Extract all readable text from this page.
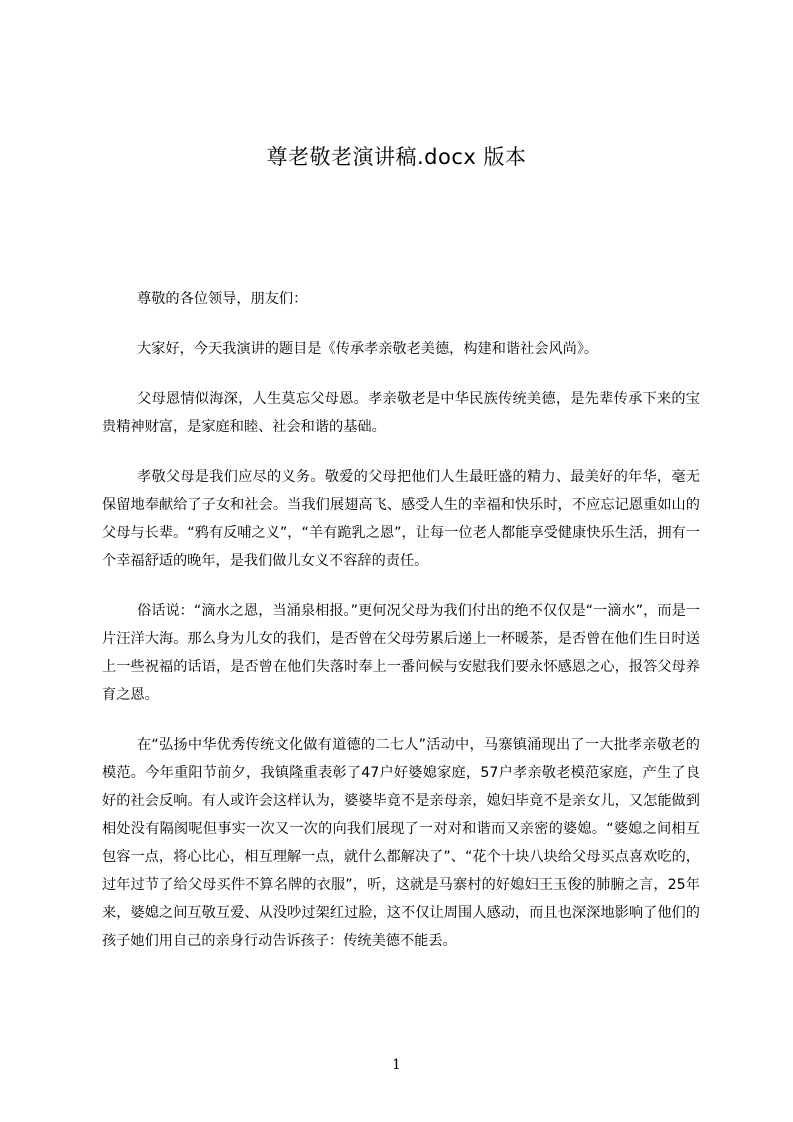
尊老敬老演讲稿.docx 版本

尊敬的各位领导，朋友们：

大家好，今天我演讲的题目是《传承孝亲敬老美德，构建和谐社会风尚》。

父母恩情似海深，人生莫忘父母恩。孝亲敬老是中华民族传统美德，是先辈传承下来的宝贵精神财富，是家庭和睦、社会和谐的基础。

孝敬父母是我们应尽的义务。敬爱的父母把他们人生最旺盛的精力、最美好的年华，毫无保留地奉献给了子女和社会。当我们展翅高飞、感受人生的幸福和快乐时，不应忘记恩重如山的父母与长辈。“鸦有反哺之义”，“羊有跪乳之恩”，让每一位老人都能享受健康快乐生活，拥有一个幸福舒适的晚年，是我们做儿女义不容辞的责任。

俗话说：“滴水之恩，当涌泉相报。”更何况父母为我们付出的绝不仅仅是“一滴水”，而是一片汪洋大海。那么身为儿女的我们，是否曾在父母劳累后递上一杯暖茶，是否曾在他们生日时送上一些祝福的话语，是否曾在他们失落时奉上一番问候与安慰我们要永怀感恩之心，报答父母养育之恩。

在“弘扬中华优秀传统文化做有道德的二七人”活动中，马寨镇涌现出了一大批孝亲敬老的模范。今年重阳节前夕，我镇隆重表彰了47户好婆媳家庭，57户孝亲敬老模范家庭，产生了良好的社会反响。有人或许会这样认为，婆婆毕竟不是亲母亲，媳妇毕竟不是亲女儿，又怎能做到相处没有隔阂呢但事实一次又一次的向我们展现了一对对和谐而又亲密的婆媳。“婆媳之间相互包容一点，将心比心，相互理解一点，就什么都解决了”、“花个十块八块给父母买点喜欢吃的，过年过节了给父母买件不算名牌的衣服”，听，这就是马寨村的好媳妇王玉俊的肺腑之言，25年来，婆媳之间互敬互爱、从没吵过架红过脸，这不仅让周围人感动，而且也深深地影响了他们的孩子她们用自己的亲身行动告诉孩子：传统美德不能丢。

1
